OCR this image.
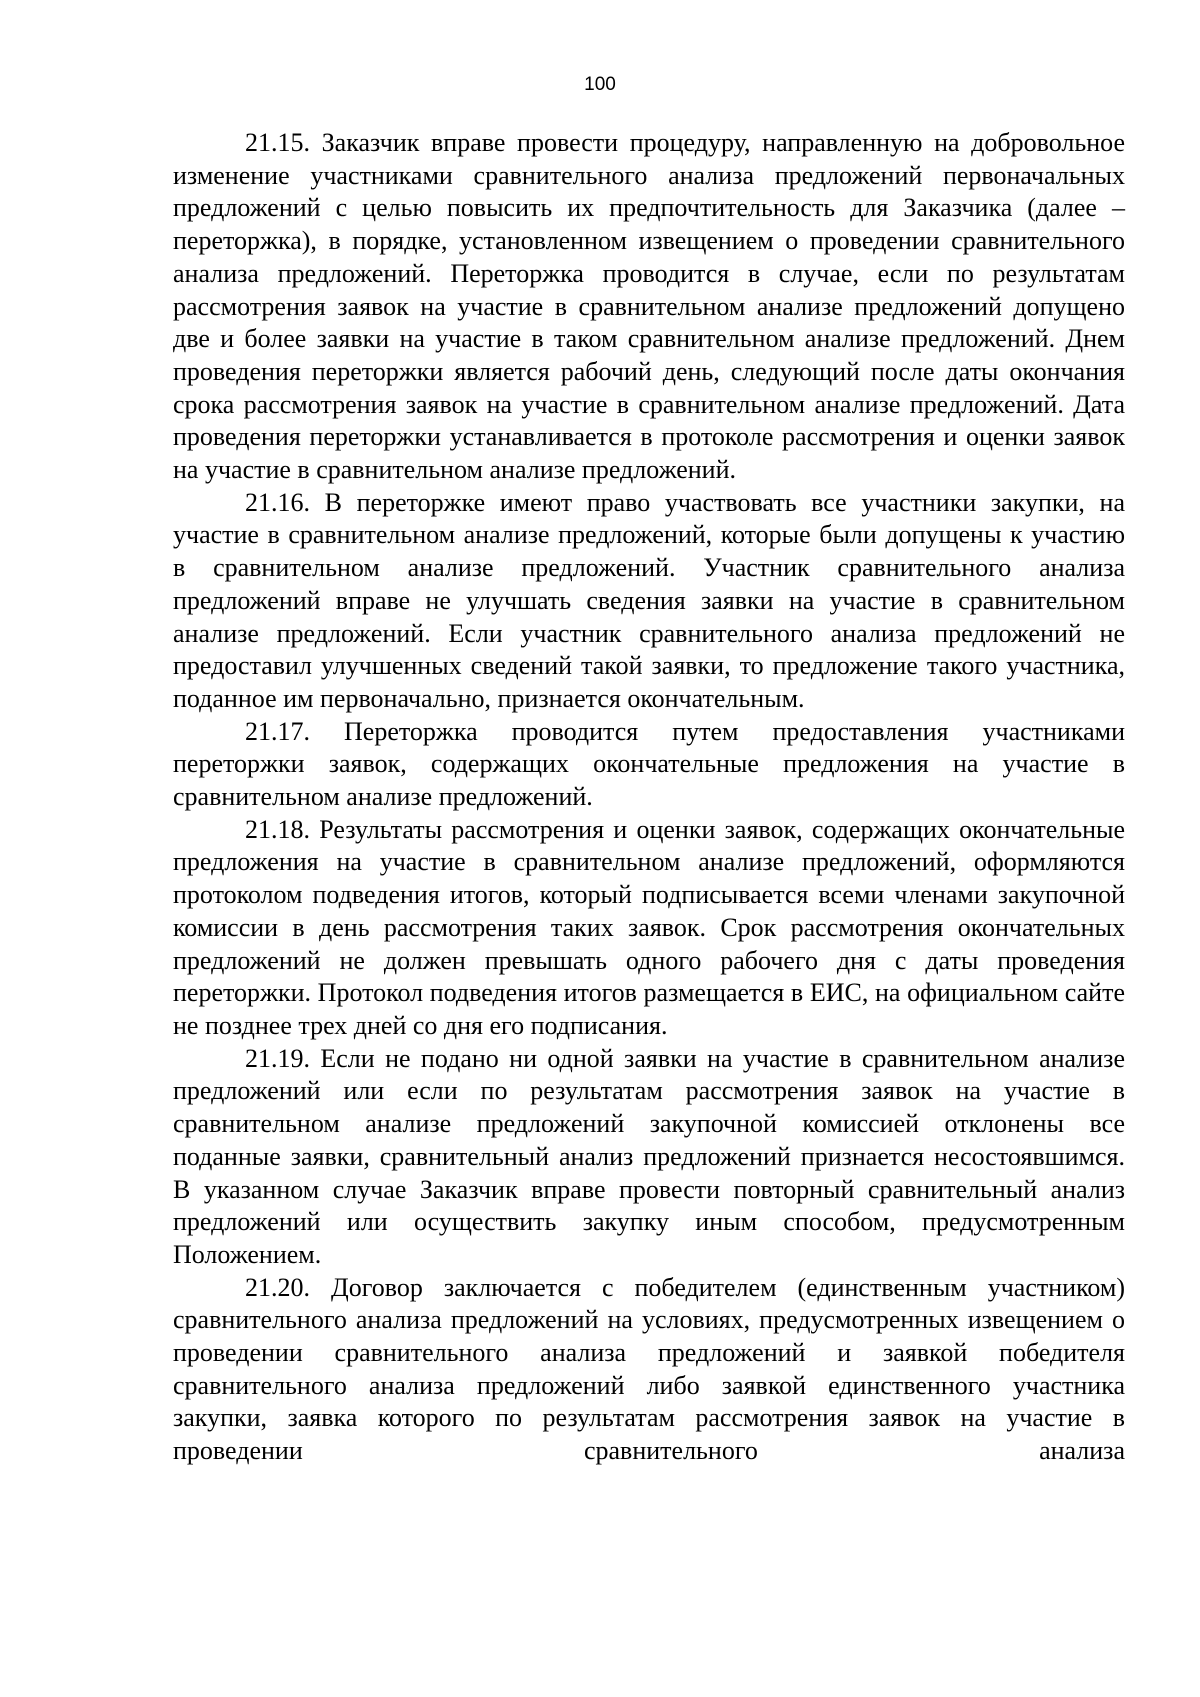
100

21.15. Заказчик вправе провести процедуру, направленную на добровольное изменение участниками сравнительного анализа предложений первоначальных предложений с целью повысить их предпочтительность для Заказчика (далее – переторжка), в порядке, установленном извещением о проведении сравнительного анализа предложений. Переторжка проводится в случае, если по результатам рассмотрения заявок на участие в сравнительном анализе предложений допущено две и более заявки на участие в таком сравнительном анализе предложений. Днем проведения переторжки является рабочий день, следующий после даты окончания срока рассмотрения заявок на участие в сравнительном анализе предложений. Дата проведения переторжки устанавливается в протоколе рассмотрения и оценки заявок на участие в сравнительном анализе предложений.

21.16. В переторжке имеют право участвовать все участники закупки, на участие в сравнительном анализе предложений, которые были допущены к участию в сравнительном анализе предложений. Участник сравнительного анализа предложений вправе не улучшать сведения заявки на участие в сравнительном анализе предложений. Если участник сравнительного анализа предложений не предоставил улучшенных сведений такой заявки, то предложение такого участника, поданное им первоначально, признается окончательным.

21.17. Переторжка проводится путем предоставления участниками переторжки заявок, содержащих окончательные предложения на участие в сравнительном анализе предложений.

21.18. Результаты рассмотрения и оценки заявок, содержащих окончательные предложения на участие в сравнительном анализе предложений, оформляются протоколом подведения итогов, который подписывается всеми членами закупочной комиссии в день рассмотрения таких заявок. Срок рассмотрения окончательных предложений не должен превышать одного рабочего дня с даты проведения переторжки. Протокол подведения итогов размещается в ЕИС, на официальном сайте не позднее трех дней со дня его подписания.

21.19. Если не подано ни одной заявки на участие в сравнительном анализе предложений или если по результатам рассмотрения заявок на участие в сравнительном анализе предложений закупочной комиссией отклонены все поданные заявки, сравнительный анализ предложений признается несостоявшимся. В указанном случае Заказчик вправе провести повторный сравнительный анализ предложений или осуществить закупку иным способом, предусмотренным Положением.

21.20. Договор заключается с победителем (единственным участником) сравнительного анализа предложений на условиях, предусмотренных извещением о проведении сравнительного анализа предложений и заявкой победителя сравнительного анализа предложений либо заявкой единственного участника закупки, заявка которого по результатам рассмотрения заявок на участие в проведении сравнительного анализа
